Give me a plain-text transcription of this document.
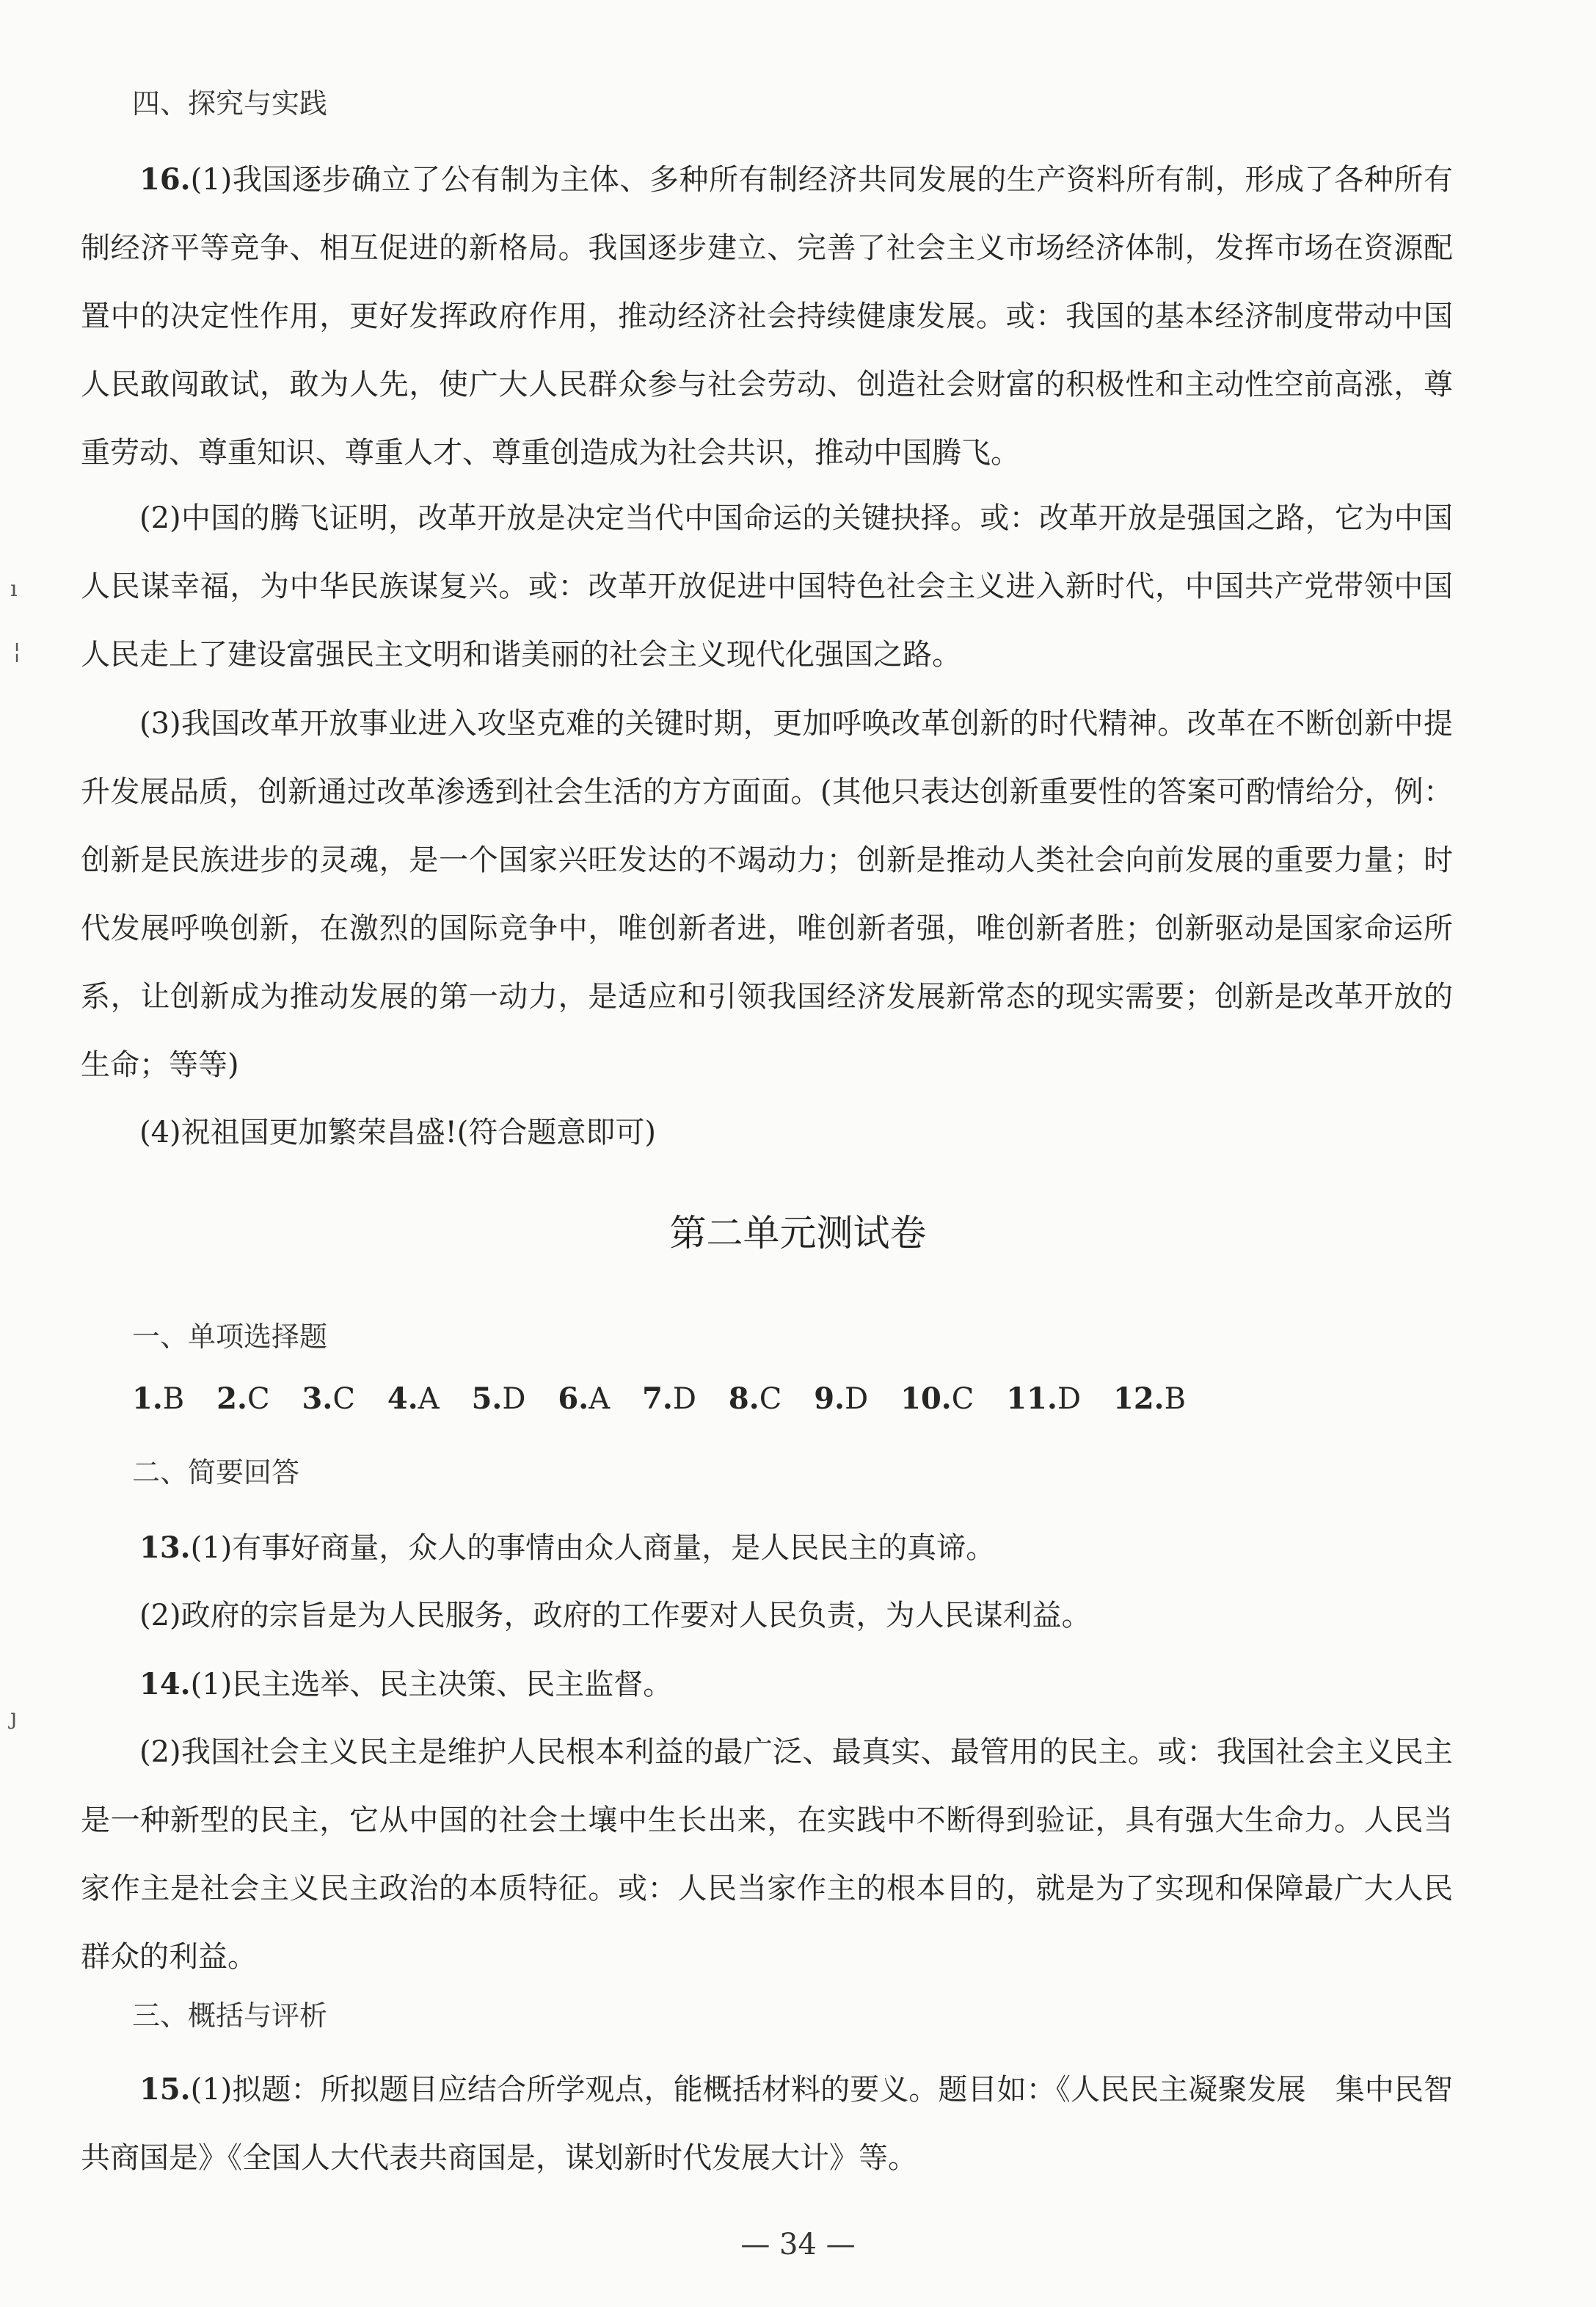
四、探究与实践

16.(1)我国逐步确立了公有制为主体、多种所有制经济共同发展的生产资料所有制，形成了各种所有制经济平等竞争、相互促进的新格局。我国逐步建立、完善了社会主义市场经济体制，发挥市场在资源配置中的决定性作用，更好发挥政府作用，推动经济社会持续健康发展。或：我国的基本经济制度带动中国人民敢闯敢试，敢为人先，使广大人民群众参与社会劳动、创造社会财富的积极性和主动性空前高涨，尊重劳动、尊重知识、尊重人才、尊重创造成为社会共识，推动中国腾飞。

(2)中国的腾飞证明，改革开放是决定当代中国命运的关键抉择。或：改革开放是强国之路，它为中国人民谋幸福，为中华民族谋复兴。或：改革开放促进中国特色社会主义进入新时代，中国共产党带领中国人民走上了建设富强民主文明和谐美丽的社会主义现代化强国之路。

(3)我国改革开放事业进入攻坚克难的关键时期，更加呼唤改革创新的时代精神。改革在不断创新中提升发展品质，创新通过改革渗透到社会生活的方方面面。(其他只表达创新重要性的答案可酌情给分，例：创新是民族进步的灵魂，是一个国家兴旺发达的不竭动力；创新是推动人类社会向前发展的重要力量；时代发展呼唤创新，在激烈的国际竞争中，唯创新者进，唯创新者强，唯创新者胜；创新驱动是国家命运所系，让创新成为推动发展的第一动力，是适应和引领我国经济发展新常态的现实需要；创新是改革开放的生命；等等)

(4)祝祖国更加繁荣昌盛!(符合题意即可)

第二单元测试卷

一、单项选择题

1.B 2.C 3.C 4.A 5.D 6.A 7.D 8.C 9.D 10.C 11.D 12.B

二、简要回答

13.(1)有事好商量，众人的事情由众人商量，是人民民主的真谛。

(2)政府的宗旨是为人民服务，政府的工作要对人民负责，为人民谋利益。

14.(1)民主选举、民主决策、民主监督。

(2)我国社会主义民主是维护人民根本利益的最广泛、最真实、最管用的民主。或：我国社会主义民主是一种新型的民主，它从中国的社会土壤中生长出来，在实践中不断得到验证，具有强大生命力。人民当家作主是社会主义民主政治的本质特征。或：人民当家作主的根本目的，就是为了实现和保障最广大人民群众的利益。

三、概括与评析

15.(1)拟题：所拟题目应结合所学观点，能概括材料的要义。题目如：《人民民主凝聚发展　集中民智共商国是》《全国人大代表共商国是，谋划新时代发展大计》等。

— 34 —
ı
¦
ȷ
